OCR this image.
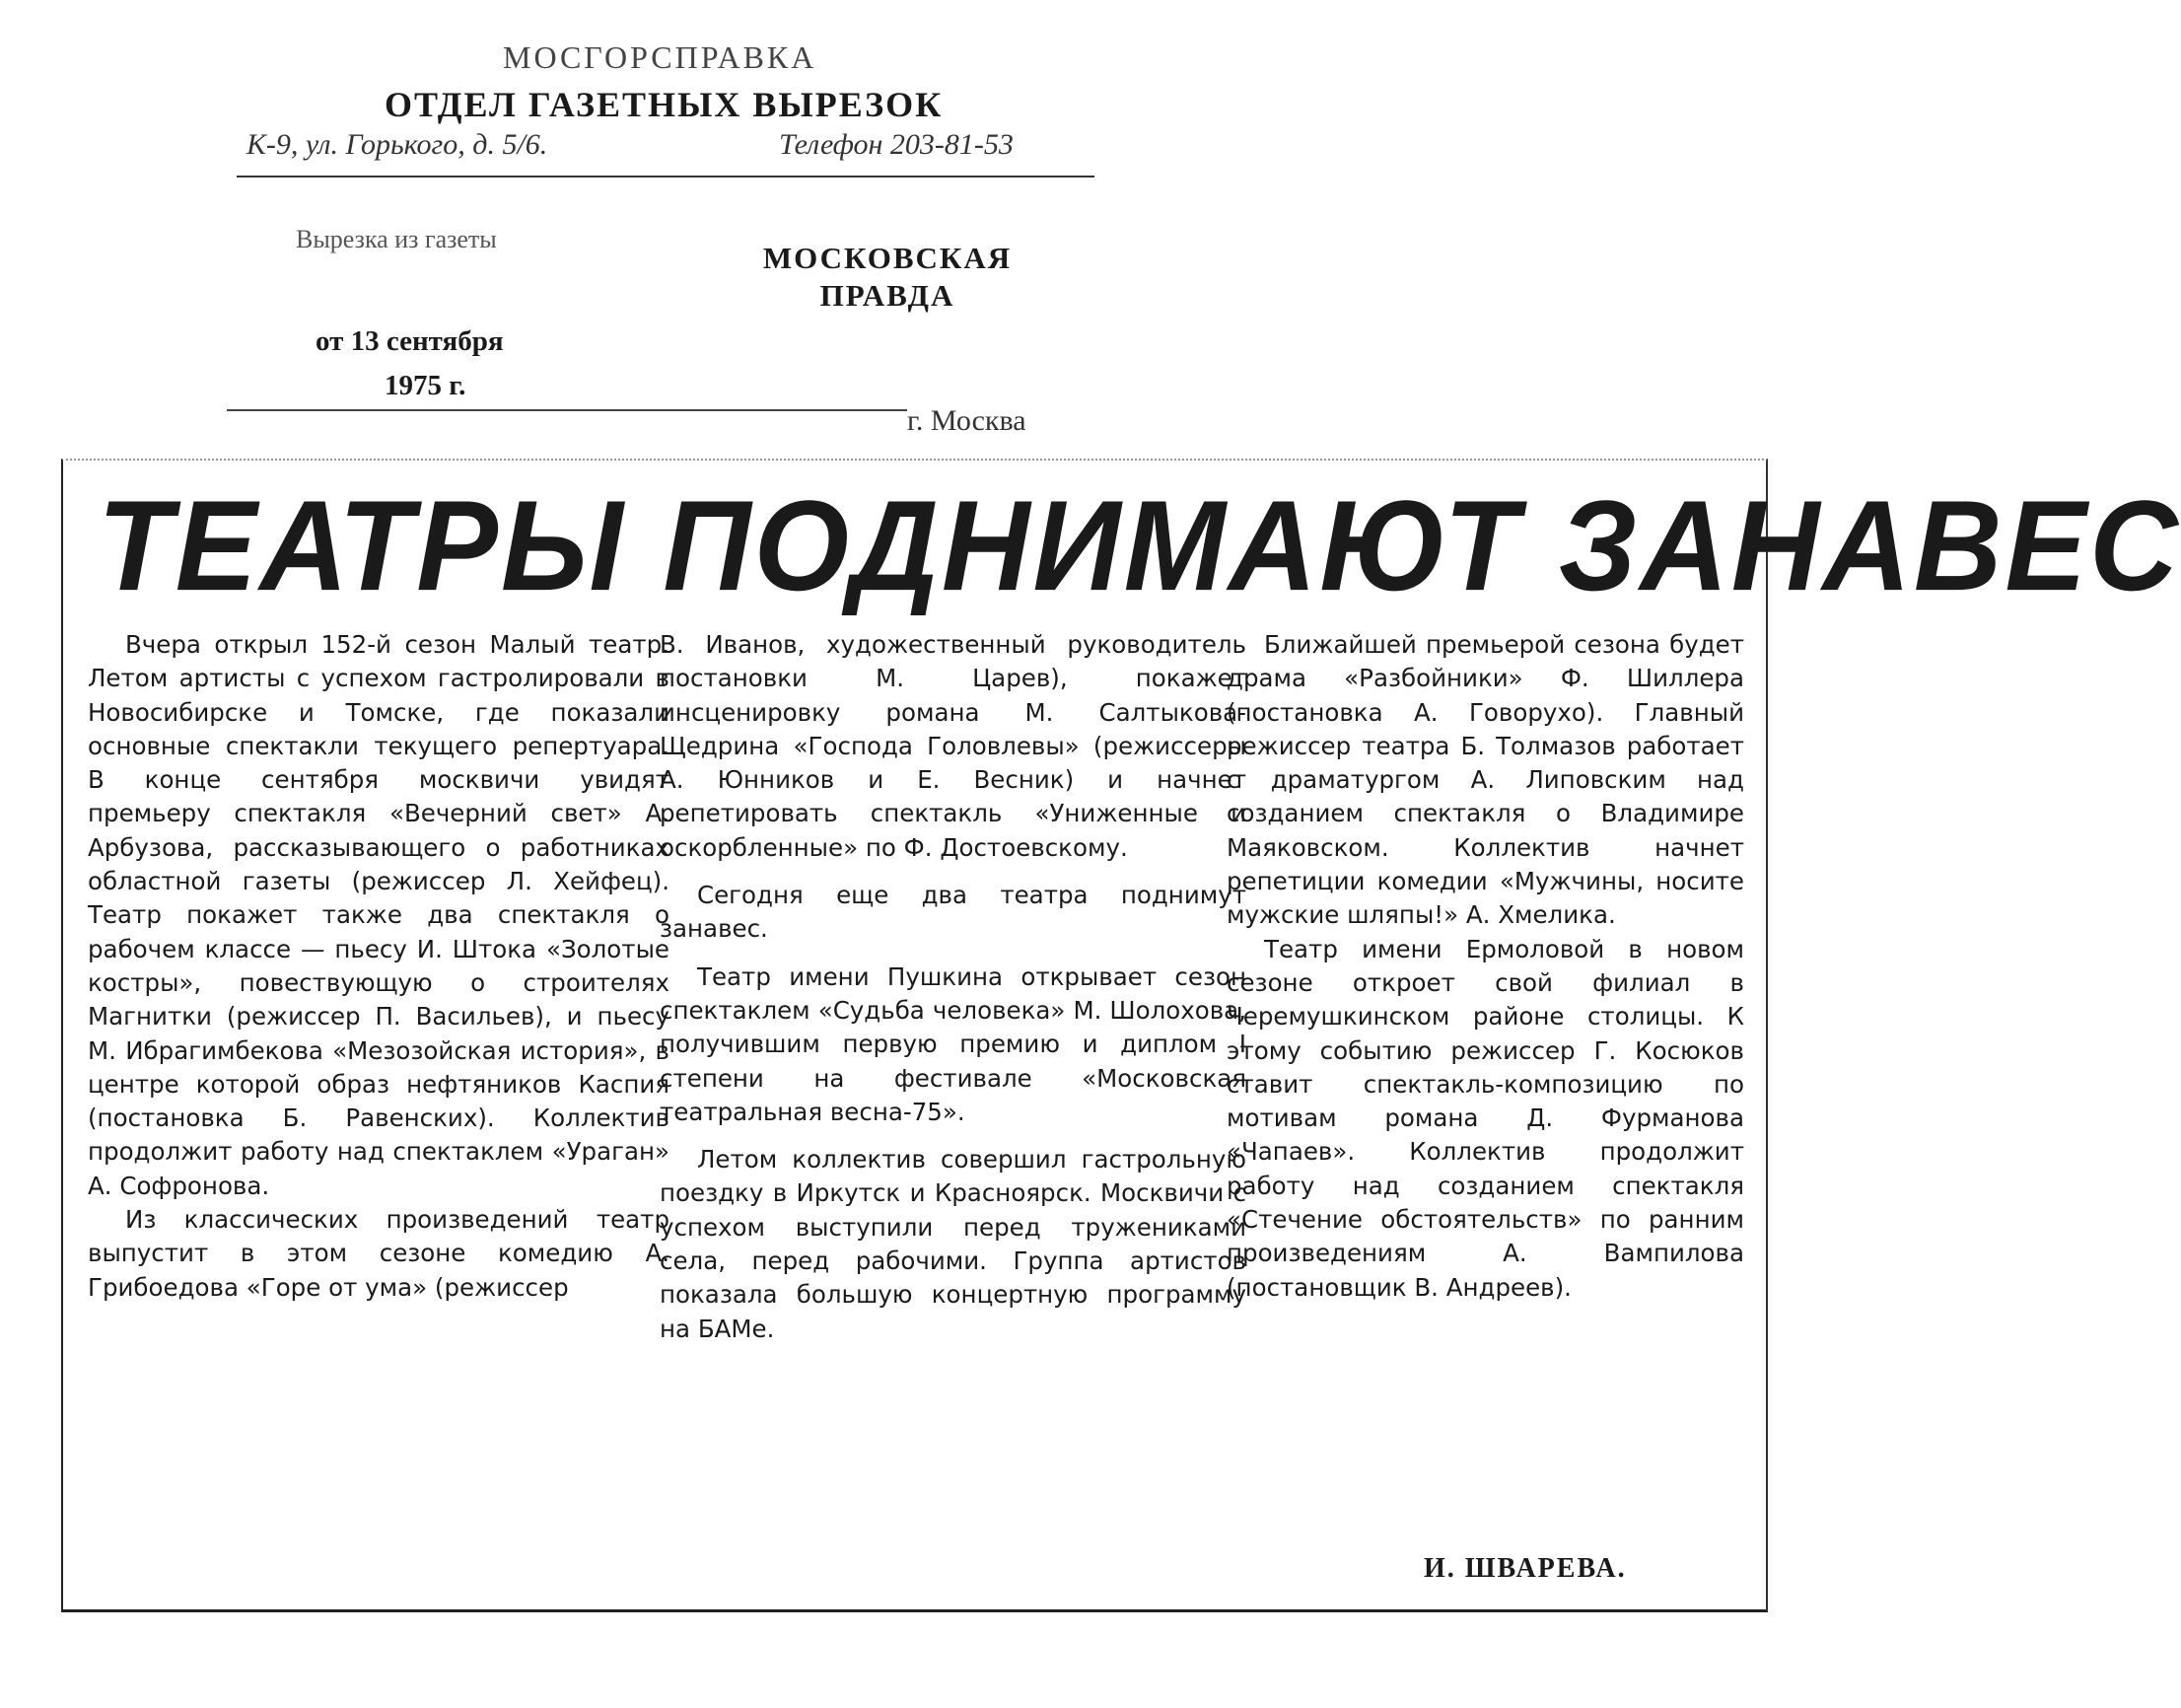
МОСГОРСПРАВКА
ОТДЕЛ ГАЗЕТНЫХ ВЫРЕЗОК
К-9, ул. Горького, д. 5/6.	Телефон 203-81-53
Вырезка из газеты
МОСКОВСКАЯ
ПРАВДА
от 13 сентября
1975 г.
г. Москва
ТЕАТРЫ ПОДНИМАЮТ ЗАНАВЕС

Вчера открыл 152-й сезон Малый театр. Летом артисты с успехом гастролировали в Новосибирске и Томске, где показали основные спектакли текущего репертуара. В конце сентября москвичи увидят премьеру спектакля «Вечерний свет» А. Арбузова, рассказывающего о работниках областной газеты (режиссер Л. Хейфец). Театр покажет также два спектакля о рабочем классе — пьесу И. Штока «Золотые костры», повествующую о строителях Магнитки (режиссер П. Васильев), и пьесу М. Ибрагимбекова «Мезозойская история», в центре которой образ нефтяников Каспия (постановка Б. Равенских). Коллектив продолжит работу над спектаклем «Ураган» А. Софронова.

Из классических произведений театр выпустит в этом сезоне комедию А. Грибоедова «Горе от ума» (режиссер

В. Иванов, художественный руководитель постановки М. Царев), покажет инсценировку романа М. Салтыкова-Щедрина «Господа Головлевы» (режиссеры А. Юнников и Е. Весник) и начнет репетировать спектакль «Униженные и оскорбленные» по Ф. Достоевскому.

Сегодня еще два театра поднимут занавес.

Театр имени Пушкина открывает сезон спектаклем «Судьба человека» М. Шолохова, получившим первую премию и диплом I степени на фестивале «Московская театральная весна-75».

Летом коллектив совершил гастрольную поездку в Иркутск и Красноярск. Москвичи с успехом выступили перед тружениками села, перед рабочими. Группа артистов показала большую концертную программу на БАМе.

Ближайшей премьерой сезона будет драма «Разбойники» Ф. Шиллера (постановка А. Говорухо). Главный режиссер театра Б. Толмазов работает с драматургом А. Липовским над созданием спектакля о Владимире Маяковском. Коллектив начнет репетиции комедии «Мужчины, носите мужские шляпы!» А. Хмелика.

Театр имени Ермоловой в новом сезоне откроет свой филиал в Черемушкинском районе столицы. К этому событию режиссер Г. Косюков ставит спектакль-композицию по мотивам романа Д. Фурманова «Чапаев». Коллектив продолжит работу над созданием спектакля «Стечение обстоятельств» по ранним произведениям А. Вампилова (постановщик В. Андреев).

И. ШВАРЕВА.
